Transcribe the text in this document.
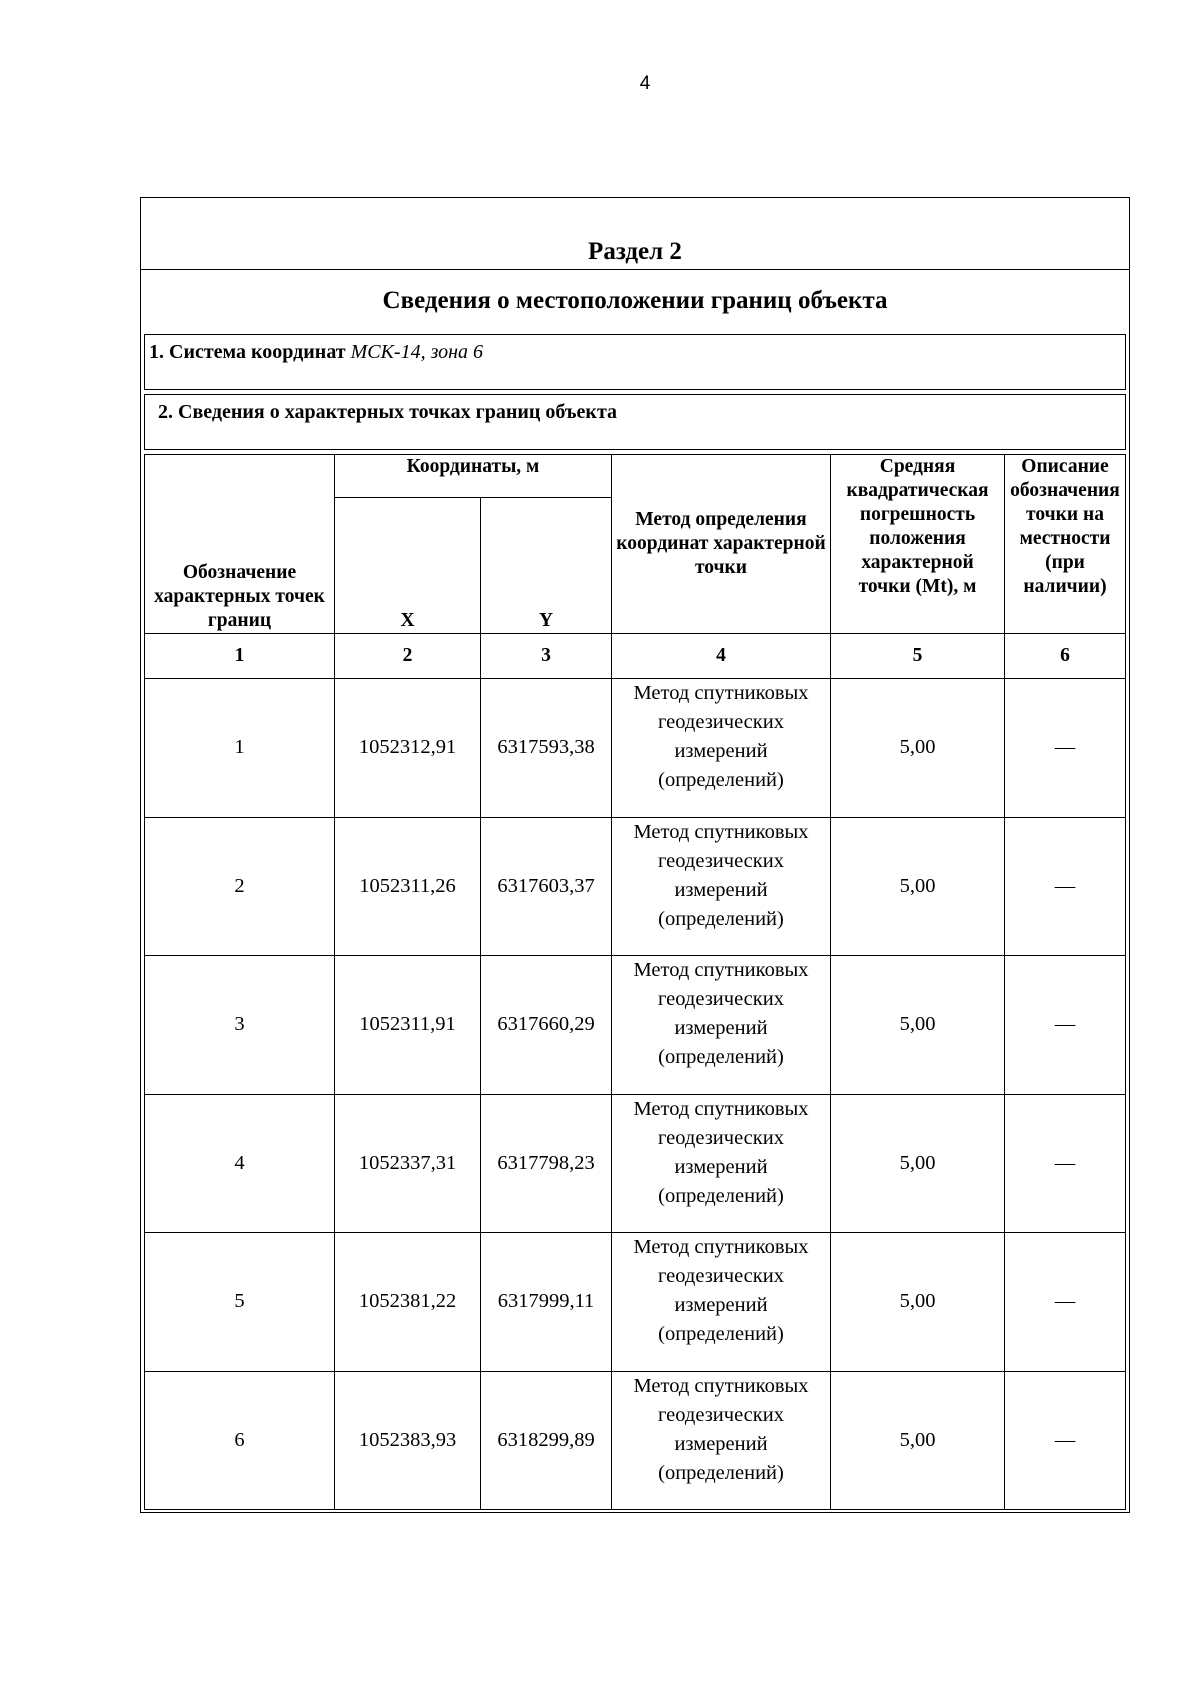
4
Раздел 2
Сведения о местоположении границ объекта
1. Система координат МСК-14, зона 6
2. Сведения о характерных точках границ объекта
Обозначение характерных точек границ	Координаты, м		Метод определения координат характерной точки	Средняя квадратическая погрешность положения характерной точки (Mt), м	Описание обозначения точки на местности (при наличии)
	X	Y			
1	2	3	4	5	6
1	1052312,91	6317593,38	Метод спутниковых геодезических измерений (определений)	5,00	—
2	1052311,26	6317603,37	Метод спутниковых геодезических измерений (определений)	5,00	—
3	1052311,91	6317660,29	Метод спутниковых геодезических измерений (определений)	5,00	—
4	1052337,31	6317798,23	Метод спутниковых геодезических измерений (определений)	5,00	—
5	1052381,22	6317999,11	Метод спутниковых геодезических измерений (определений)	5,00	—
6	1052383,93	6318299,89	Метод спутниковых геодезических измерений (определений)	5,00	—
